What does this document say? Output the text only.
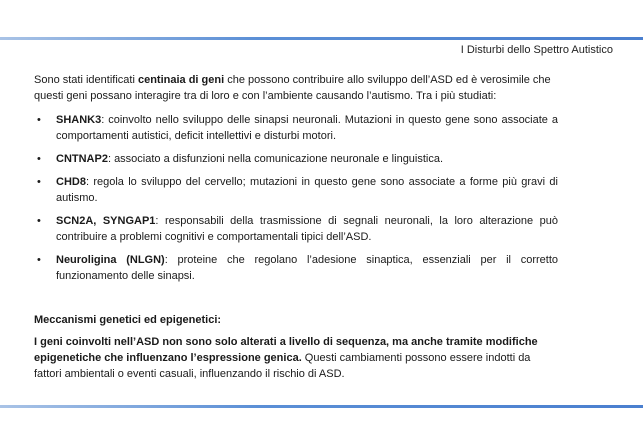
I Disturbi dello Spettro Autistico

Sono stati identificati centinaia di geni che possono contribuire allo sviluppo dell’ASD ed è verosimile che questi geni possano interagire tra di loro e con l’ambiente causando l’autismo. Tra i più studiati:

• SHANK3: coinvolto nello sviluppo delle sinapsi neuronali. Mutazioni in questo gene sono associate a comportamenti autistici, deficit intellettivi e disturbi motori.
• CNTNAP2: associato a disfunzioni nella comunicazione neuronale e linguistica.
• CHD8: regola lo sviluppo del cervello; mutazioni in questo gene sono associate a forme più gravi di autismo.
• SCN2A, SYNGAP1: responsabili della trasmissione di segnali neuronali, la loro alterazione può contribuire a problemi cognitivi e comportamentali tipici dell’ASD.
• Neuroligina (NLGN): proteine che regolano l’adesione sinaptica, essenziali per il corretto funzionamento delle sinapsi.

Meccanismi genetici ed epigenetici:

I geni coinvolti nell’ASD non sono solo alterati a livello di sequenza, ma anche tramite modifiche epigenetiche che influenzano l’espressione genica. Questi cambiamenti possono essere indotti da fattori ambientali o eventi casuali, influenzando il rischio di ASD.
